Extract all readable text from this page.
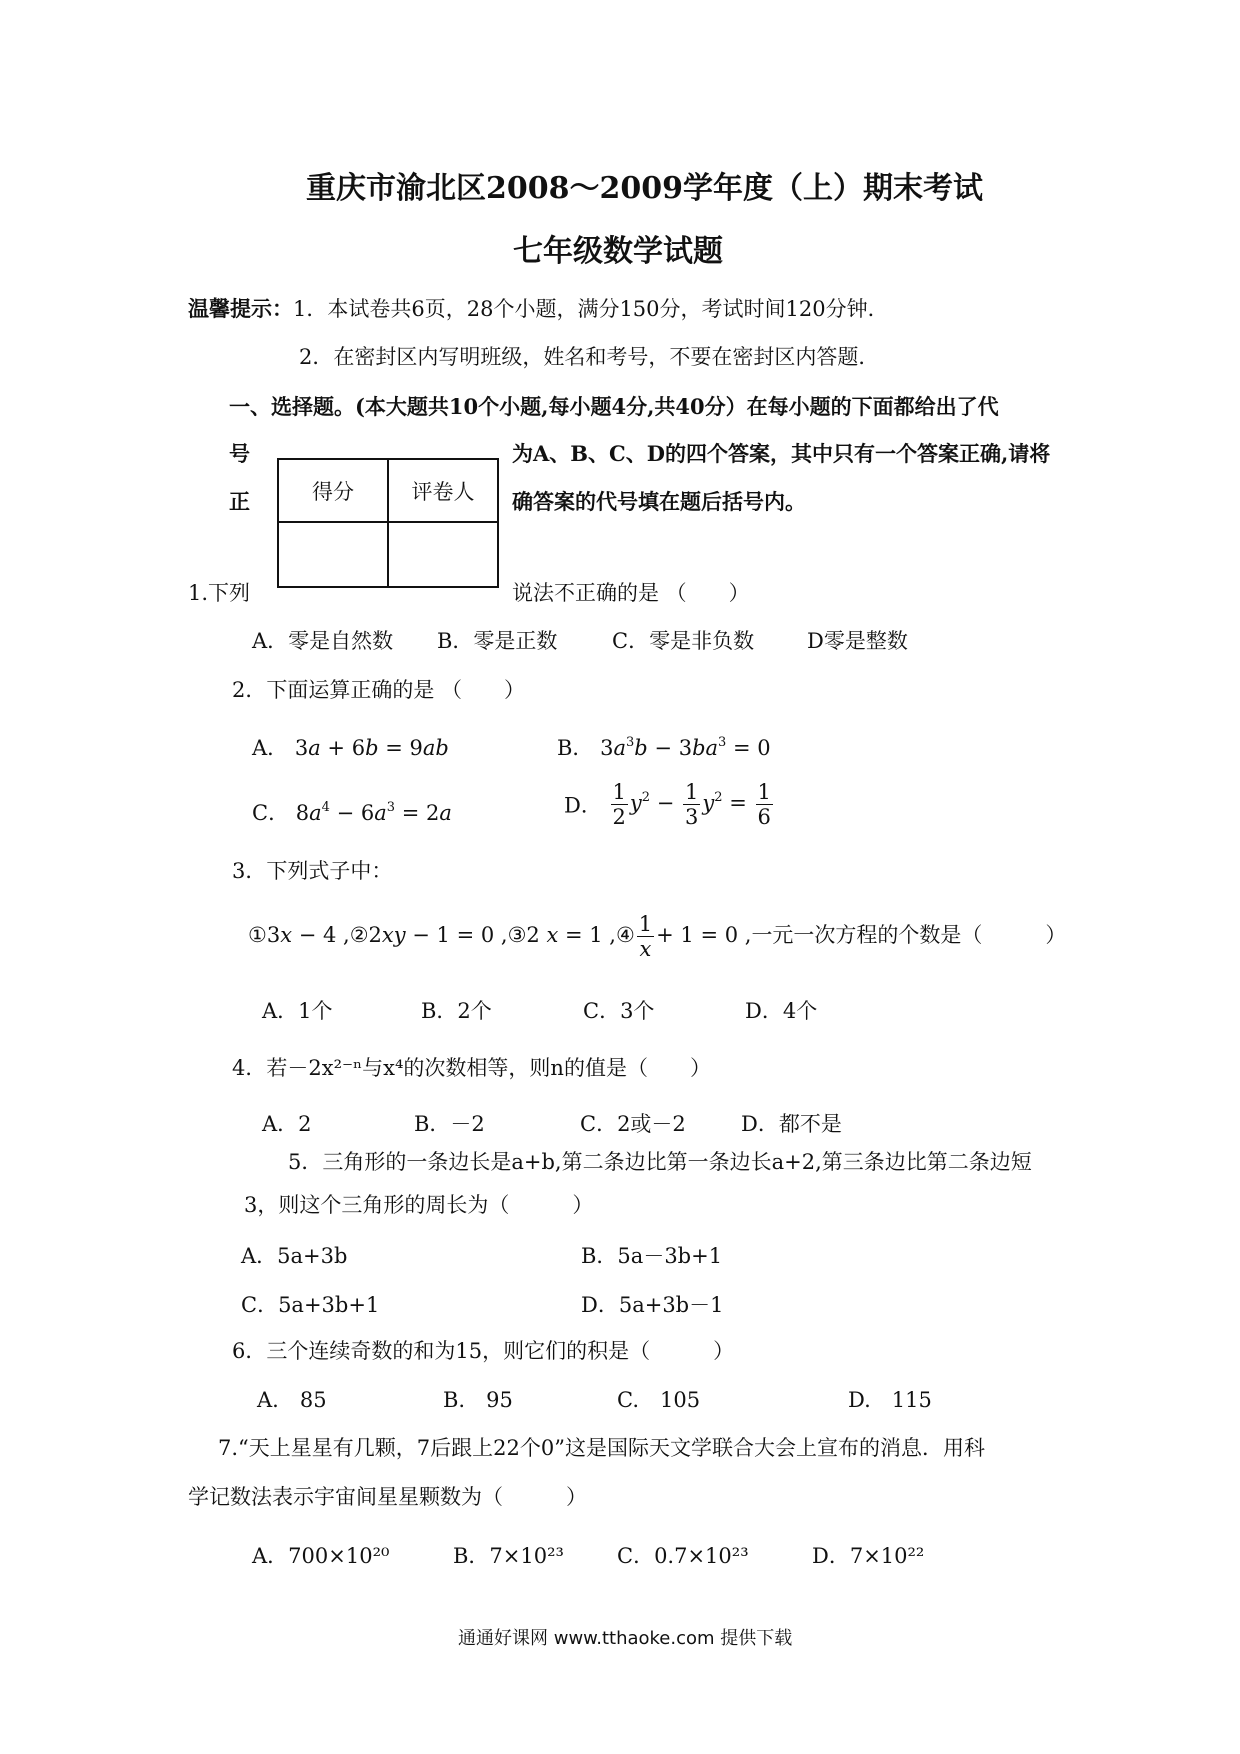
重庆市渝北区2008～2009学年度（上）期末考试
七年级数学试题
温馨提示：1．本试卷共6页，28个小题，满分150分，考试时间120分钟．
2．在密封区内写明班级，姓名和考号，不要在密封区内答题．
一、选择题。(本大题共10个小题,每小题4分,共40分）在每小题的下面都给出了代
号
正
为A、B、C、D的四个答案，其中只有一个答案正确,请将
确答案的代号填在题后括号内。
得分	评卷人

1.下列	说法不正确的是 （　　）
A．零是自然数 B．零是正数	C．零是非负数	D零是整数
2．下面运算正确的是 （　　）
A． 3a + 6b = 9ab	B． $3a^3b - 3ba^3 = 0$
C． $8a^4 - 6a^3 = 2a$	D． $\frac{1}{2} y^2 - \frac{1}{3} y^2 = \frac{1}{6}$
3．下列式子中：
①3x − 4 ,②2xy − 1 = 0 ,③2 x = 1 ,④ $\frac{1}{x} + 1 = 0$ ,一元一次方程的个数是（　　　）
A．1个	B．2个	C．3个	D．4个
4．若－2x²⁻ⁿ与x⁴的次数相等，则n的值是（　　）
A．2	B．－2	C．2或－2	D．都不是
5．三角形的一条边长是a+b,第二条边比第一条边长a+2,第三条边比第二条边短
3，则这个三角形的周长为（　　　）
A．5a+3b	B．5a－3b+1
C．5a+3b+1	D．5a+3b－1
6．三个连续奇数的和为15，则它们的积是（　　　）
A.　85	B.　95	C.　105	D.　115
7.“天上星星有几颗，7后跟上22个0”这是国际天文学联合大会上宣布的消息．用科
学记数法表示宇宙间星星颗数为（　　　）
A．700×10²⁰	B．7×10²³	C．0.7×10²³	D．7×10²²
通通好课网 www.tthaoke.com 提供下载
